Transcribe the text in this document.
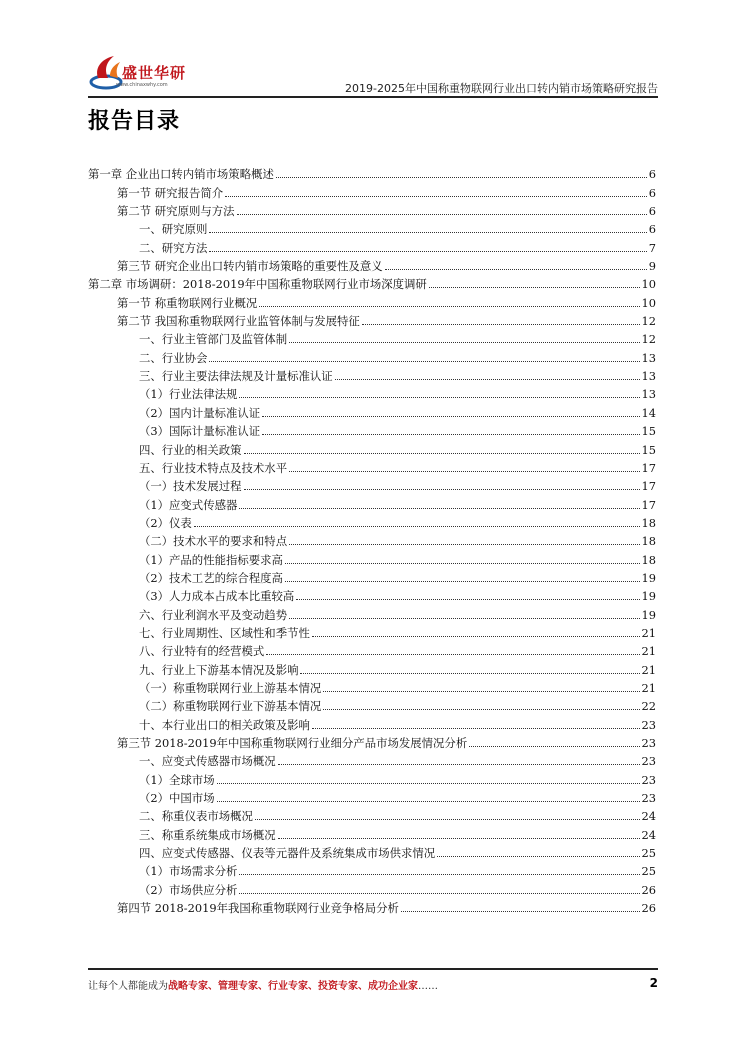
盛世华研
www.chinaxwhy.com	2019-2025年中国称重物联网行业出口转内销市场策略研究报告
报告目录
第一章 企业出口转内销市场策略概述	6
第一节 研究报告简介	6
第二节 研究原则与方法	6
一、研究原则	6
二、研究方法	7
第三节 研究企业出口转内销市场策略的重要性及意义	9
第二章 市场调研：2018-2019年中国称重物联网行业市场深度调研	10
第一节 称重物联网行业概况	10
第二节 我国称重物联网行业监管体制与发展特征	12
一、行业主管部门及监管体制	12
二、行业协会	13
三、行业主要法律法规及计量标准认证	13
（1）行业法律法规	13
（2）国内计量标准认证	14
（3）国际计量标准认证	15
四、行业的相关政策	15
五、行业技术特点及技术水平	17
（一）技术发展过程	17
（1）应变式传感器	17
（2）仪表	18
（二）技术水平的要求和特点	18
（1）产品的性能指标要求高	18
（2）技术工艺的综合程度高	19
（3）人力成本占成本比重较高	19
六、行业利润水平及变动趋势	19
七、行业周期性、区域性和季节性	21
八、行业特有的经营模式	21
九、行业上下游基本情况及影响	21
（一）称重物联网行业上游基本情况	21
（二）称重物联网行业下游基本情况	22
十、本行业出口的相关政策及影响	23
第三节 2018-2019年中国称重物联网行业细分产品市场发展情况分析	23
一、应变式传感器市场概况	23
（1）全球市场	23
（2）中国市场	23
二、称重仪表市场概况	24
三、称重系统集成市场概况	24
四、应变式传感器、仪表等元器件及系统集成市场供求情况	25
（1）市场需求分析	25
（2）市场供应分析	26
第四节 2018-2019年我国称重物联网行业竞争格局分析	26
让每个人都能成为战略专家、管理专家、行业专家、投资专家、成功企业家……	2
